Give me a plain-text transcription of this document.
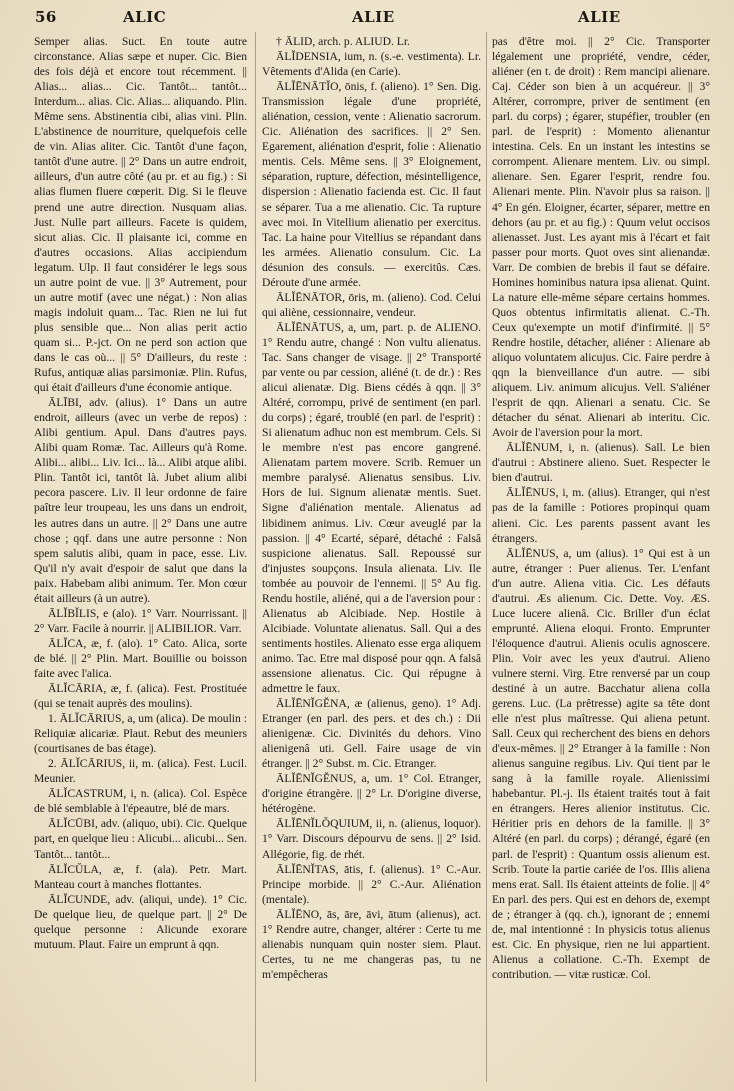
56	ALIC	ALIE	ALIE

Semper alias. Suct. En toute autre circonstance. Alias sæpe et nuper. Cic. Bien des fois déjà et encore tout récemment. || Alias... alias... Cic. Tantôt... tantôt... Interdum... alias. Cic. Alias... aliquando. Plin. Même sens. Abstinentia cibi, alias vini. Plin. L'abstinence de nourriture, quelquefois celle de vin. Alias aliter. Cic. Tantôt d'une façon, tantôt d'une autre. || 2° Dans un autre endroit, ailleurs, d'un autre côté (au pr. et au fig.) : Si alias flumen fluere cœperit. Dig. Si le fleuve prend une autre direction. Nusquam alias. Just. Nulle part ailleurs. Facete is quidem, sicut alias. Cic. Il plaisante ici, comme en d'autres occasions. Alias accipiendum legatum. Ulp. Il faut considérer le legs sous un autre point de vue. || 3° Autrement, pour un autre motif (avec une négat.) : Non alias magis indoluit quam... Tac. Rien ne lui fut plus sensible que... Non alias perit actio quam si... P.-jct. On ne perd son action que dans le cas où... || 5° D'ailleurs, du reste : Rufus, antiquæ alias parsimoniæ. Plin. Rufus, qui était d'ailleurs d'une économie antique.

ĀLĪBI, adv. (alius). 1° Dans un autre endroit, ailleurs (avec un verbe de repos) : Alibi gentium. Apul. Dans d'autres pays. Alibi quam Romæ. Tac. Ailleurs qu'à Rome. Alibi... alibi... Liv. Ici... là... Alibi atque alibi. Plin. Tantôt ici, tantôt là. Jubet alium alibi pecora pascere. Liv. Il leur ordonne de faire paître leur troupeau, les uns dans un endroit, les autres dans un autre. || 2° Dans une autre chose ; qqf. dans une autre personne : Non spem salutis alibi, quam in pace, esse. Liv. Qu'il n'y avait d'espoir de salut que dans la paix. Habebam alibi animum. Ter. Mon cœur était ailleurs (à un autre).

ĀLĬBĬLIS, e (alo). 1° Varr. Nourrissant. || 2° Varr. Facile à nourrir. || ALIBILIOR. Varr.

ĀLĬCA, æ, f. (alo). 1° Cato. Alica, sorte de blé. || 2° Plin. Mart. Bouillie ou boisson faite avec l'alica.

ĀLĬCĀRIA, æ, f. (alica). Fest. Prostituée (qui se tenait auprès des moulins).

1. ĀLĬCĀRIUS, a, um (alica). De moulin : Reliquiæ alicariæ. Plaut. Rebut des meuniers (courtisanes de bas étage).

2. ĀLĬCĀRIUS, ii, m. (alica). Fest. Lucil. Meunier.

ĀLĬCASTRUM, i, n. (alica). Col. Espèce de blé semblable à l'épeautre, blé de mars.

ĀLĬCŪBI, adv. (aliquo, ubi). Cic. Quelque part, en quelque lieu : Alicubi... alicubi... Sen. Tantôt... tantôt...

ĀLĬCŬLA, æ, f. (ala). Petr. Mart. Manteau court à manches flottantes.

ĀLĬCUNDE, adv. (aliqui, unde). 1° Cic. De quelque lieu, de quelque part. || 2° De quelque personne : Alicunde exorare mutuum. Plaut. Faire un emprunt à qqn.

† ĀLID, arch. p. ALIUD. Lr.

ĀLĬDENSIA, ium, n. (s.-e. vestimenta). Lr. Vêtements d'Alida (en Carie).

ĀLĬĒNĀTĬO, ōnis, f. (alieno). 1° Sen. Dig. Transmission légale d'une propriété, aliénation, cession, vente : Alienatio sacrorum. Cic. Aliénation des sacrifices. || 2° Sen. Egarement, aliénation d'esprit, folie : Alienatio mentis. Cels. Même sens. || 3° Eloignement, séparation, rupture, défection, mésintelligence, dispersion : Alienatio facienda est. Cic. Il faut se séparer. Tua a me alienatio. Cic. Ta rupture avec moi. In Vitellium alienatio per exercitus. Tac. La haine pour Vitellius se répandant dans les armées. Alienatio consulum. Cic. La désunion des consuls. — exercitûs. Cæs. Déroute d'une armée.

ĀLĬĒNĀTOR, ōris, m. (alieno). Cod. Celui qui aliène, cessionnaire, vendeur.

ĀLĬĒNĀTUS, a, um, part. p. de ALIENO. 1° Rendu autre, changé : Non vultu alienatus. Tac. Sans changer de visage. || 2° Transporté par vente ou par cession, aliéné (t. de dr.) : Res alicui alienatæ. Dig. Biens cédés à qqn. || 3° Altéré, corrompu, privé de sentiment (en parl. du corps) ; égaré, troublé (en parl. de l'esprit) : Si alienatum adhuc non est membrum. Cels. Si le membre n'est pas encore gangrené. Alienatam partem movere. Scrib. Remuer un membre paralysé. Alienatus sensibus. Liv. Hors de lui. Signum alienatæ mentis. Suet. Signe d'aliénation mentale. Alienatus ad libidinem animus. Liv. Cœur aveuglé par la passion. || 4° Ecarté, séparé, détaché : Falsâ suspicione alienatus. Sall. Repoussé sur d'injustes soupçons. Insula alienata. Liv. Ile tombée au pouvoir de l'ennemi. || 5° Au fig. Rendu hostile, aliéné, qui a de l'aversion pour : Alienatus ab Alcibiade. Nep. Hostile à Alcibiade. Voluntate alienatus. Sall. Qui a des sentiments hostiles. Alienato esse erga aliquem animo. Tac. Etre mal disposé pour qqn. A falsâ assensione alienatus. Cic. Qui répugne à admettre le faux.

ĀLĬĒNĬGĔNA, æ (alienus, geno). 1° Adj. Etranger (en parl. des pers. et des ch.) : Dii alienigenæ. Cic. Divinités du dehors. Vino alienigenâ uti. Gell. Faire usage de vin étranger. || 2° Subst. m. Cic. Etranger.

ĀLĬĒNĬGĔNUS, a, um. 1° Col. Etranger, d'origine étrangère. || 2° Lr. D'origine diverse, hétérogène.

ĀLĬĒNĬLŎQUIUM, ii, n. (alienus, loquor). 1° Varr. Discours dépourvu de sens. || 2° Isid. Allégorie, fig. de rhét.

ĀLĬĒNĬTAS, ātis, f. (alienus). 1° C.-Aur. Principe morbide. || 2° C.-Aur. Aliénation (mentale).

ĀLĬĒNO, ās, āre, āvi, ātum (alienus), act. 1° Rendre autre, changer, altérer : Certe tu me alienabis nunquam quin noster siem. Plaut. Certes, tu ne me changeras pas, tu ne m'empêcheras

pas d'être moi. || 2° Cic. Transporter légalement une propriété, vendre, céder, aliéner (en t. de droit) : Rem mancipi alienare. Caj. Céder son bien à un acquéreur. || 3° Altérer, corrompre, priver de sentiment (en parl. du corps) ; égarer, stupéfier, troubler (en parl. de l'esprit) : Momento alienantur intestina. Cels. En un instant les intestins se corrompent. Alienare mentem. Liv. ou simpl. alienare. Sen. Egarer l'esprit, rendre fou. Alienari mente. Plin. N'avoir plus sa raison. || 4° En gén. Eloigner, écarter, séparer, mettre en dehors (au pr. et au fig.) : Quum velut occisos alienasset. Just. Les ayant mis à l'écart et fait passer pour morts. Quot oves sint alienandæ. Varr. De combien de brebis il faut se défaire. Homines hominibus natura ipsa alienat. Quint. La nature elle-même sépare certains hommes. Quos obtentus infirmitatis alienat. C.-Th. Ceux qu'exempte un motif d'infirmité. || 5° Rendre hostile, détacher, aliéner : Alienare ab aliquo voluntatem alicujus. Cic. Faire perdre à qqn la bienveillance d'un autre. — sibi aliquem. Liv. animum alicujus. Vell. S'aliéner l'esprit de qqn. Alienari a senatu. Cic. Se détacher du sénat. Alienari ab interitu. Cic. Avoir de l'aversion pour la mort.

ĀLĬĒNUM, i, n. (alienus). Sall. Le bien d'autrui : Abstinere alieno. Suet. Respecter le bien d'autrui.

ĀLĬĒNUS, i, m. (alius). Etranger, qui n'est pas de la famille : Potiores propinqui quam alieni. Cic. Les parents passent avant les étrangers.

ĀLĬĒNUS, a, um (alius). 1° Qui est à un autre, étranger : Puer alienus. Ter. L'enfant d'un autre. Aliena vitia. Cic. Les défauts d'autrui. Æs alienum. Cic. Dette. Voy. ÆS. Luce lucere alienâ. Cic. Briller d'un éclat emprunté. Aliena eloqui. Fronto. Emprunter l'éloquence d'autrui. Alienis oculis agnoscere. Plin. Voir avec les yeux d'autrui. Alieno vulnere sterni. Virg. Etre renversé par un coup destiné à un autre. Bacchatur aliena colla gerens. Luc. (La prêtresse) agite sa tête dont elle n'est plus maîtresse. Qui aliena petunt. Sall. Ceux qui recherchent des biens en dehors d'eux-mêmes. || 2° Etranger à la famille : Non alienus sanguine regibus. Liv. Qui tient par le sang à la famille royale. Alienissimi habebantur. Pl.-j. Ils étaient traités tout à fait en étrangers. Heres alienior institutus. Cic. Héritier pris en dehors de la famille. || 3° Altéré (en parl. du corps) ; dérangé, égaré (en parl. de l'esprit) : Quantum ossis alienum est. Scrib. Toute la partie cariée de l'os. Illis aliena mens erat. Sall. Ils étaient atteints de folie. || 4° En parl. des pers. Qui est en dehors de, exempt de ; étranger à (qq. ch.), ignorant de ; ennemi de, mal intentionné : In physicis totus alienus est. Cic. En physique, rien ne lui appartient. Alienus a collatione. C.-Th. Exempt de contribution. — vitæ rusticæ. Col.
